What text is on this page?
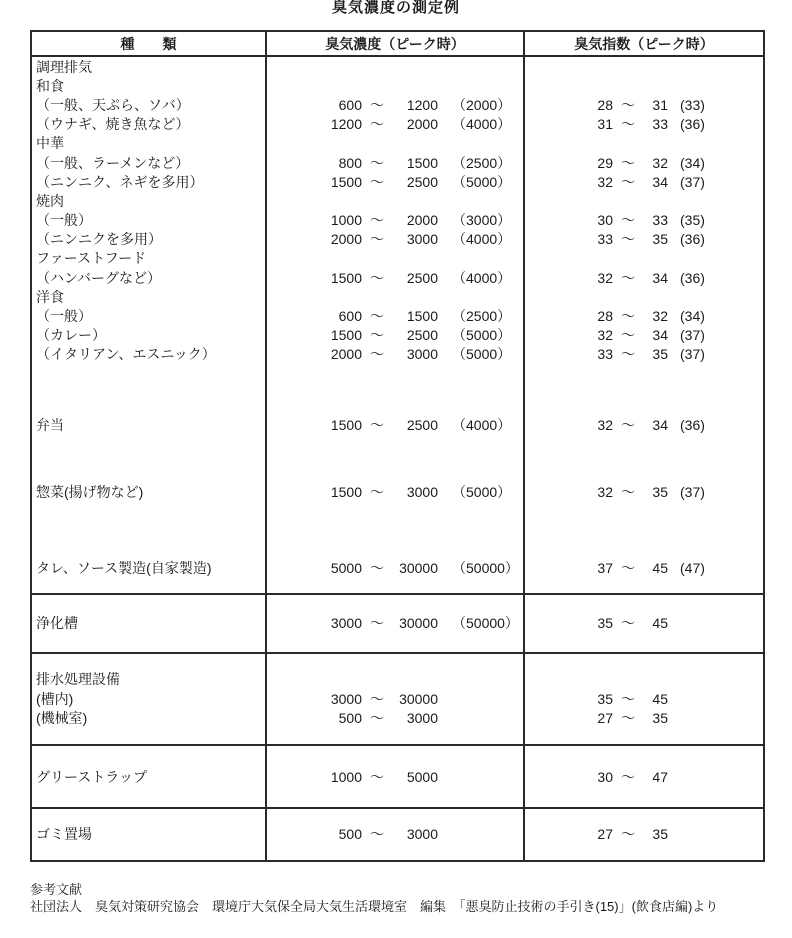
臭気濃度の測定例
種　　類	臭気濃度（ピーク時）	臭気指数（ピーク時）
調理排気
和食
（一般、天ぷら、ソバ）	600 ～	1200	（2000）	28 ～	31 (33)
（ウナギ、焼き魚など）	1200 ～	2000	（4000）	31 ～	33 (36)
中華
（一般、ラーメンなど）	800 ～	1500	（2500）	29 ～	32 (34)
（ニンニク、ネギを多用）	1500 ～	2500	（5000）	32 ～	34 (37)
焼肉
（一般）	1000 ～	2000	（3000）	30 ～	33 (35)
（ニンニクを多用）	2000 ～	3000	（4000）	33 ～	35 (36)
ファーストフード
（ハンバーグなど）	1500 ～	2500	（4000）	32 ～	34 (36)
洋食
（一般）	600 ～	1500	（2500）	28 ～	32 (34)
（カレー）	1500 ～	2500	（5000）	32 ～	34 (37)
（イタリアン、エスニック）	2000 ～	3000	（5000）	33 ～	35 (37)
弁当	1500 ～	2500	（4000）	32 ～	34 (36)
惣菜(揚げ物など)	1500 ～	3000	（5000）	32 ～	35 (37)
タレ、ソース製造(自家製造)	5000 ～	30000	（50000）	37 ～	45 (47)
浄化槽	3000 ～	30000	（50000）	35 ～	45
排水処理設備
(槽内)	3000 ～	30000	35 ～	45
(機械室)	500 ～	3000	27 ～	35
グリーストラップ	1000 ～	5000	30 ～	47
ゴミ置場	500 ～	3000	27 ～	35
参考文献
社団法人　臭気対策研究協会　環境庁大気保全局大気生活環境室　編集　「悪臭防止技術の手引き(15)」(飲食店編)より
